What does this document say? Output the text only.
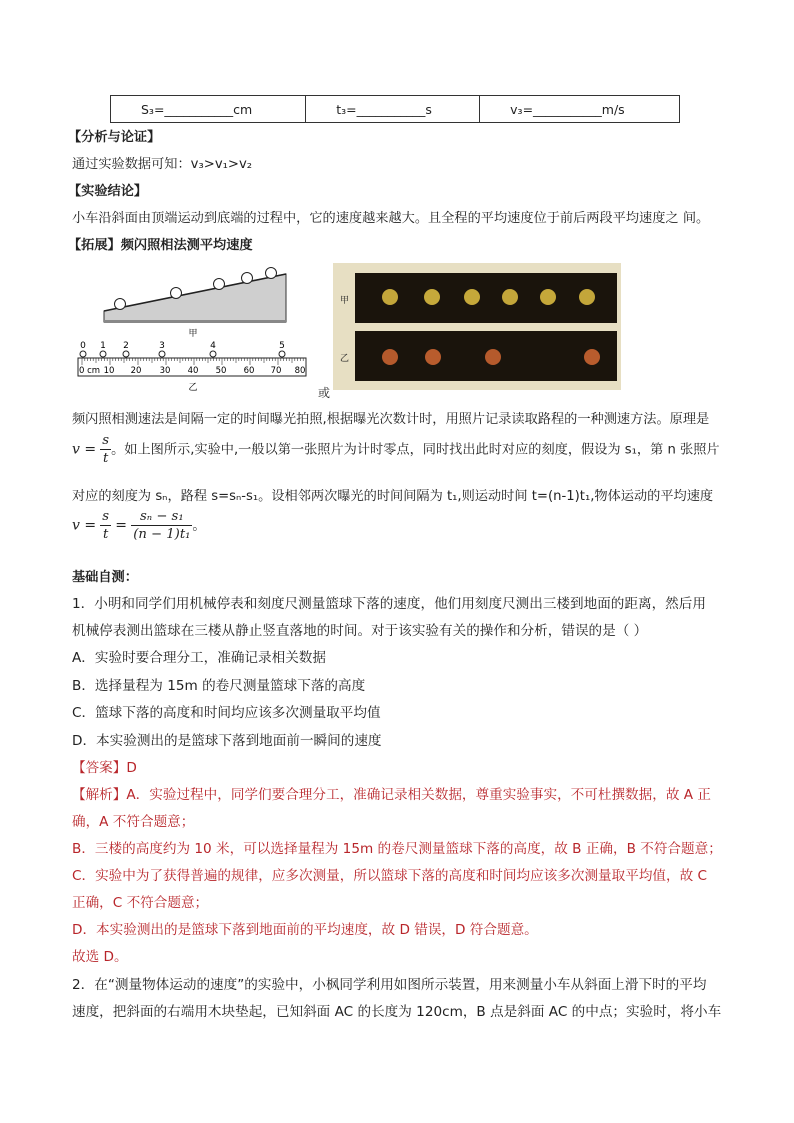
S₃=___________cm	t₃=___________s	v₃=___________m/s
【分析与论证】
通过实验数据可知：v₃>v₁>v₂
【实验结论】
小车沿斜面由顶端运动到底端的过程中，它的速度越来越大。且全程的平均速度位于前后两段平均速度之 间。
【拓展】频闪照相法测平均速度
甲
0 1 2	3	4	5
0 cm 10 20 30 40 50 60 70 80
乙	或
甲
乙
频闪照相测速法是间隔一定的时间曝光拍照,根据曝光次数计时，用照片记录读取路程的一种测速方法。原理是
$v = \frac{s}{t}$ 。如上图所示,实验中,一般以第一张照片为计时零点，同时找出此时对应的刻度，假设为 s₁，第 n 张照片
对应的刻度为 sₙ，路程 s=sₙ-s₁。设相邻两次曝光的时间间隔为 t₁,则运动时间 t=(n-1)t₁,物体运动的平均速度
$v = \frac{s}{t} = \frac{\text{sₙ − s₁}}{\text{(n − 1)t₁}}$ 。
基础自测：
1．小明和同学们用机械停表和刻度尺测量篮球下落的速度，他们用刻度尺测出三楼到地面的距离，然后用
机械停表测出篮球在三楼从静止竖直落地的时间。对于该实验有关的操作和分析，错误的是（ ）
A．实验时要合理分工，准确记录相关数据
B．选择量程为 15m 的卷尺测量篮球下落的高度
C．篮球下落的高度和时间均应该多次测量取平均值
D．本实验测出的是篮球下落到地面前一瞬间的速度
【答案】D
【解析】A．实验过程中，同学们要合理分工，准确记录相关数据，尊重实验事实，不可杜撰数据，故 A 正
确，A 不符合题意；
B．三楼的高度约为 10 米，可以选择量程为 15m 的卷尺测量篮球下落的高度，故 B 正确，B 不符合题意；
C．实验中为了获得普遍的规律，应多次测量，所以篮球下落的高度和时间均应该多次测量取平均值，故 C
正确，C 不符合题意；
D．本实验测出的是篮球下落到地面前的平均速度，故 D 错误，D 符合题意。
故选 D。
2．在“测量物体运动的速度”的实验中，小枫同学利用如图所示装置，用来测量小车从斜面上滑下时的平均
速度，把斜面的右端用木块垫起，已知斜面 AC 的长度为 120cm，B 点是斜面 AC 的中点；实验时，将小车
